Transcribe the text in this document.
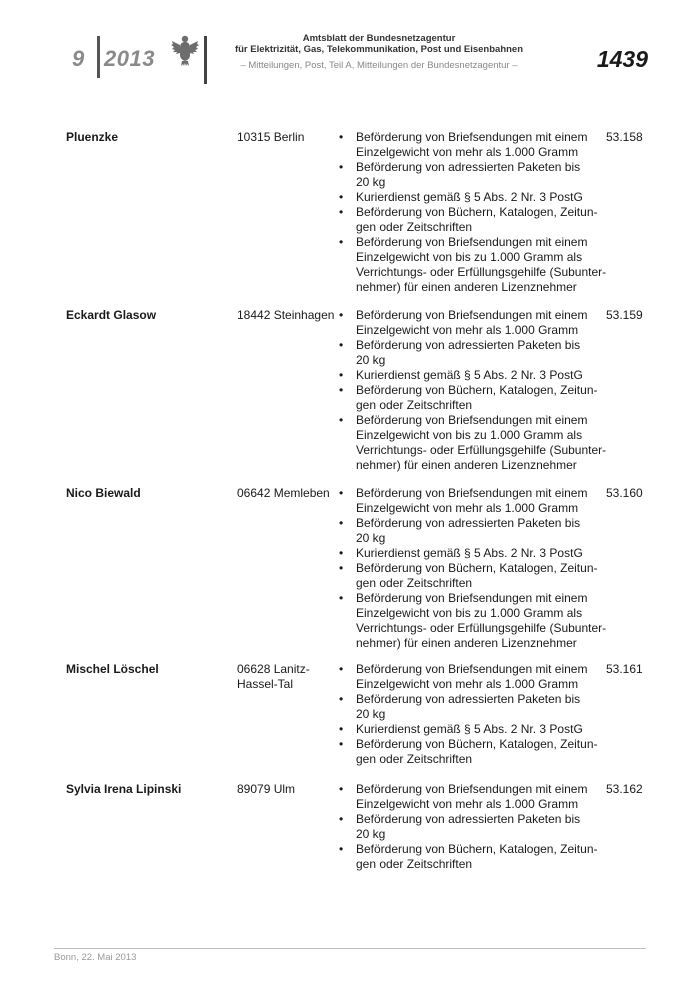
9 2013
Amtsblatt der Bundesnetzagentur
für Elektrizität, Gas, Telekommunikation, Post und Eisenbahnen
– Mitteilungen, Post, Teil A, Mitteilungen der Bundesnetzagentur –	1439
Pluenzke	10315 Berlin	• Beförderung von Briefsendungen mit einem
Einzelgewicht von mehr als 1.000 Gramm
• Beförderung von adressierten Paketen bis
20 kg
• Kurierdienst gemäß § 5 Abs. 2 Nr. 3 PostG
• Beförderung von Büchern, Katalogen, Zeitun-
gen oder Zeitschriften
• Beförderung von Briefsendungen mit einem
Einzelgewicht von bis zu 1.000 Gramm als
Verrichtungs- oder Erfüllungsgehilfe (Subunter-
nehmer) für einen anderen Lizenznehmer
53.158
Eckardt Glasow	18442 Steinhagen • Beförderung von Briefsendungen mit einem
Einzelgewicht von mehr als 1.000 Gramm
• Beförderung von adressierten Paketen bis
20 kg
• Kurierdienst gemäß § 5 Abs. 2 Nr. 3 PostG
• Beförderung von Büchern, Katalogen, Zeitun-
gen oder Zeitschriften
• Beförderung von Briefsendungen mit einem
Einzelgewicht von bis zu 1.000 Gramm als
Verrichtungs- oder Erfüllungsgehilfe (Subunter-
nehmer) für einen anderen Lizenznehmer
53.159
Nico Biewald	06642 Memleben • Beförderung von Briefsendungen mit einem
Einzelgewicht von mehr als 1.000 Gramm
• Beförderung von adressierten Paketen bis
20 kg
• Kurierdienst gemäß § 5 Abs. 2 Nr. 3 PostG
• Beförderung von Büchern, Katalogen, Zeitun-
gen oder Zeitschriften
• Beförderung von Briefsendungen mit einem
Einzelgewicht von bis zu 1.000 Gramm als
Verrichtungs- oder Erfüllungsgehilfe (Subunter-
nehmer) für einen anderen Lizenznehmer
53.160
Mischel Löschel	06628 Lanitz-
Hassel-Tal
• Beförderung von Briefsendungen mit einem
Einzelgewicht von mehr als 1.000 Gramm
• Beförderung von adressierten Paketen bis
20 kg
• Kurierdienst gemäß § 5 Abs. 2 Nr. 3 PostG
• Beförderung von Büchern, Katalogen, Zeitun-
gen oder Zeitschriften
53.161
Sylvia Irena Lipinski	89079 Ulm	• Beförderung von Briefsendungen mit einem
Einzelgewicht von mehr als 1.000 Gramm
• Beförderung von adressierten Paketen bis
20 kg
• Beförderung von Büchern, Katalogen, Zeitun-
gen oder Zeitschriften
53.162
Bonn, 22. Mai 2013
